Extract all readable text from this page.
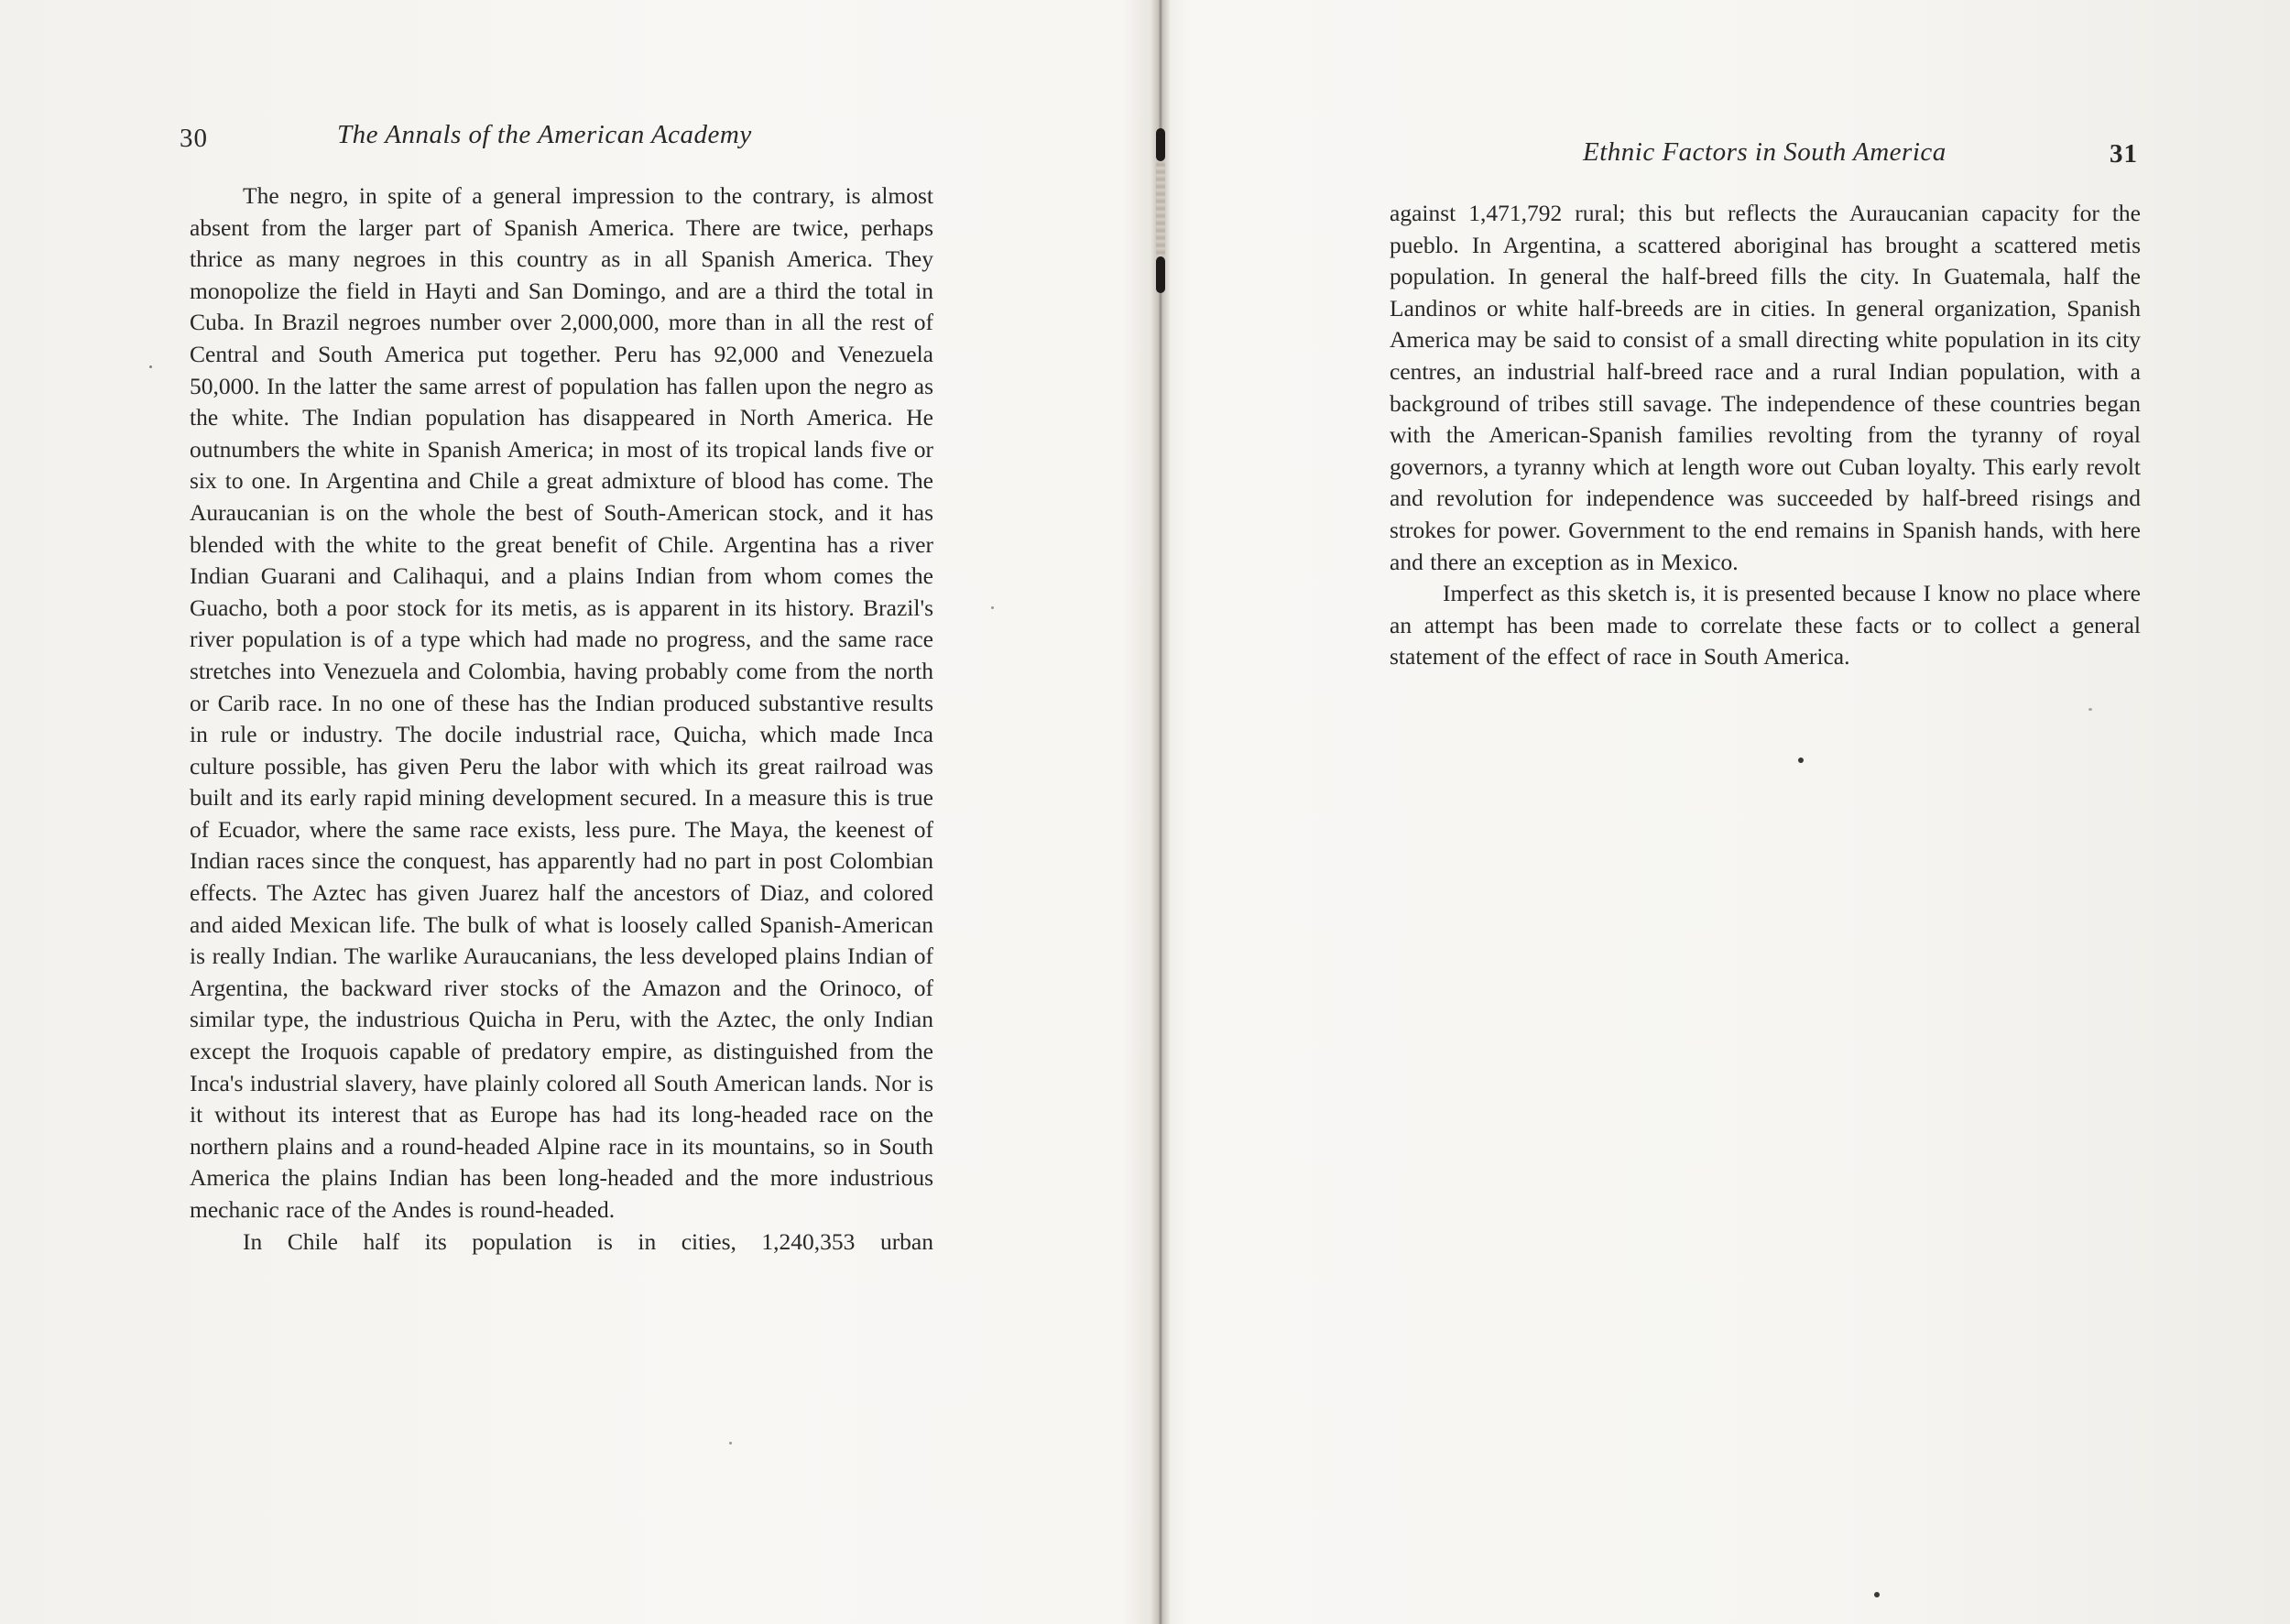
30	The Annals of the American Academy

The negro, in spite of a general impression to the contrary, is almost absent from the larger part of Spanish America. There are twice, perhaps thrice as many negroes in this country as in all Spanish America. They monopolize the field in Hayti and San Domingo, and are a third the total in Cuba. In Brazil negroes number over 2,000,000, more than in all the rest of Central and South America put together. Peru has 92,000 and Venezuela 50,000. In the latter the same arrest of population has fallen upon the negro as the white. The Indian population has disappeared in North America. He outnumbers the white in Spanish America; in most of its tropical lands five or six to one. In Argentina and Chile a great admixture of blood has come. The Auraucanian is on the whole the best of South-American stock, and it has blended with the white to the great benefit of Chile. Argentina has a river Indian Guarani and Calihaqui, and a plains Indian from whom comes the Guacho, both a poor stock for its metis, as is apparent in its history. Brazil's river population is of a type which had made no progress, and the same race stretches into Venezuela and Colombia, having probably come from the north or Carib race. In no one of these has the Indian produced substantive results in rule or industry. The docile industrial race, Quicha, which made Inca culture possible, has given Peru the labor with which its great railroad was built and its early rapid mining development secured. In a measure this is true of Ecuador, where the same race exists, less pure. The Maya, the keenest of Indian races since the conquest, has apparently had no part in post Colombian effects. The Aztec has given Juarez half the ancestors of Diaz, and colored and aided Mexican life. The bulk of what is loosely called Spanish-American is really Indian. The warlike Auraucanians, the less developed plains Indian of Argentina, the backward river stocks of the Amazon and the Orinoco, of similar type, the industrious Quicha in Peru, with the Aztec, the only Indian except the Iroquois capable of predatory empire, as distinguished from the Inca's industrial slavery, have plainly colored all South American lands. Nor is it without its interest that as Europe has had its long-headed race on the northern plains and a round-headed Alpine race in its mountains, so in South America the plains Indian has been long-headed and the more industrious mechanic race of the Andes is round-headed.

In Chile half its population is in cities, 1,240,353 urban

Ethnic Factors in South America	31

against 1,471,792 rural; this but reflects the Auraucanian capacity for the pueblo. In Argentina, a scattered aboriginal has brought a scattered metis population. In general the half-breed fills the city. In Guatemala, half the Landinos or white half-breeds are in cities. In general organization, Spanish America may be said to consist of a small directing white population in its city centres, an industrial half-breed race and a rural Indian population, with a background of tribes still savage. The independence of these countries began with the American-Spanish families revolting from the tyranny of royal governors, a tyranny which at length wore out Cuban loyalty. This early revolt and revolution for independence was succeeded by half-breed risings and strokes for power. Government to the end remains in Spanish hands, with here and there an exception as in Mexico.

Imperfect as this sketch is, it is presented because I know no place where an attempt has been made to correlate these facts or to collect a general statement of the effect of race in South America.
